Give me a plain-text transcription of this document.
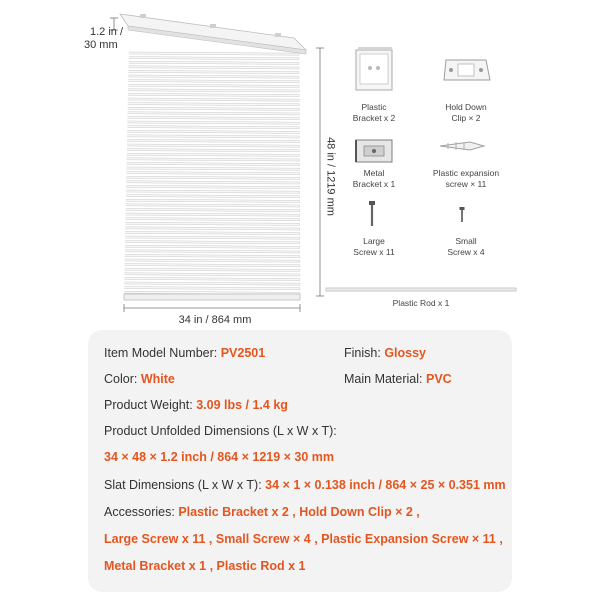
1.2 in /
30 mm
48 in / 1219 mm
34 in / 864 mm
Plastic
Bracket x 2
Hold Down
Clip × 2
Metal
Bracket x 1
Plastic expansion
screw × 11
Large
Screw x 11
Small
Screw x 4
Plastic Rod x 1
Item Model Number: PV2501	Finish: Glossy
Color: White	Main Material: PVC
Product Weight: 3.09 lbs / 1.4 kg
Product Unfolded Dimensions (L x W x T):
34 × 48 × 1.2 inch / 864 × 1219 × 30 mm
Slat Dimensions (L x W x T): 34 × 1 × 0.138 inch / 864 × 25 × 0.351 mm
Accessories: Plastic Bracket x 2 , Hold Down Clip × 2 ,
Large Screw x 11 , Small Screw × 4 , Plastic Expansion Screw × 11 ,
Metal Bracket x 1 , Plastic Rod x 1
